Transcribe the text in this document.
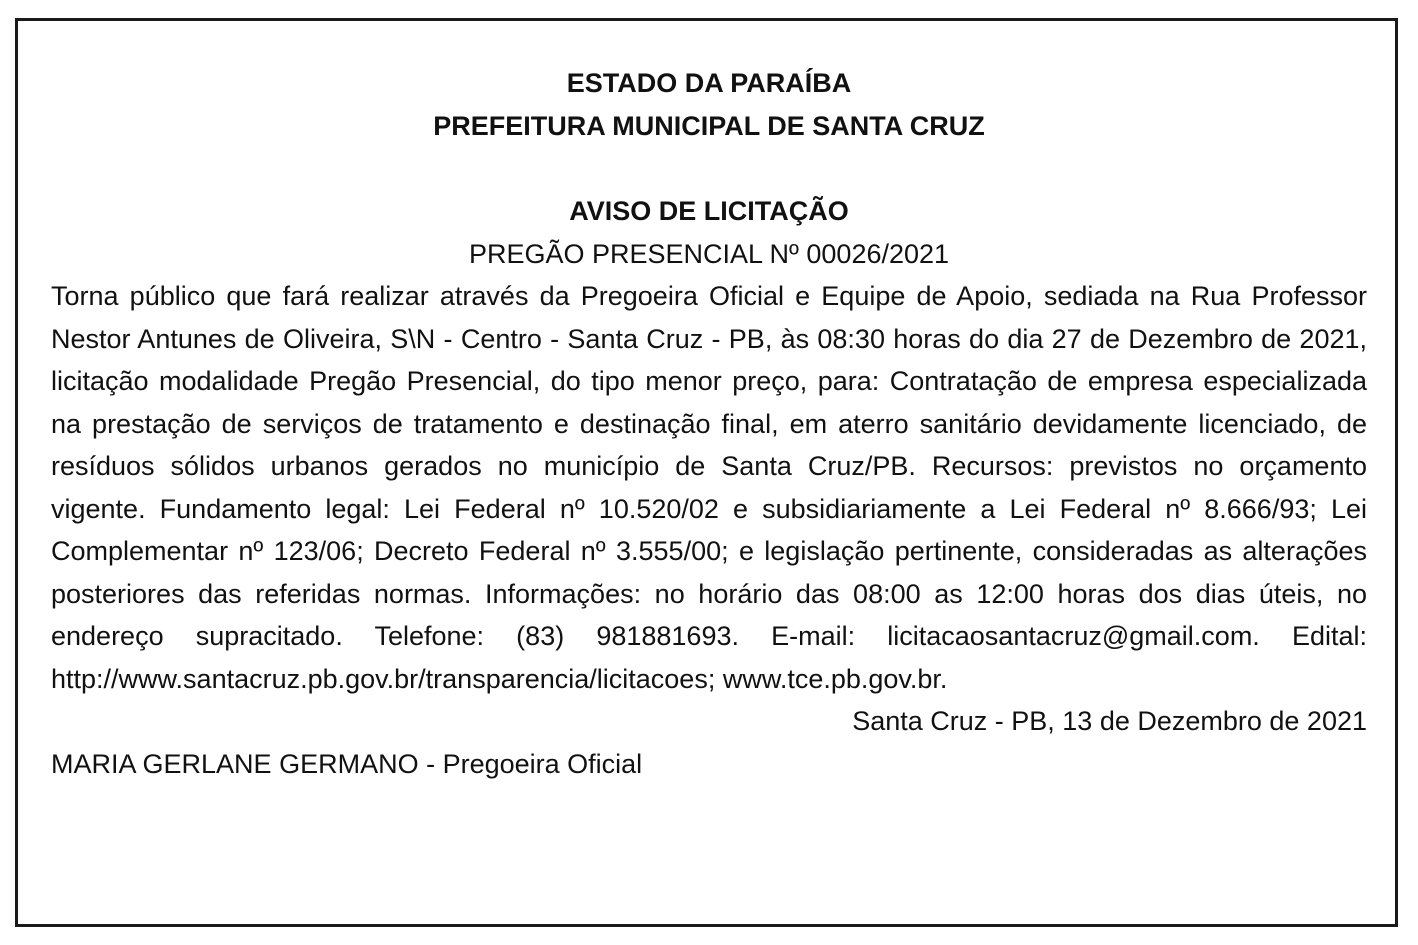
ESTADO DA PARAÍBA

PREFEITURA MUNICIPAL DE SANTA CRUZ

AVISO DE LICITAÇÃO

PREGÃO PRESENCIAL Nº 00026/2021

Torna público que fará realizar através da Pregoeira Oficial e Equipe de Apoio, sediada na Rua Professor Nestor Antunes de Oliveira, S\N - Centro - Santa Cruz - PB, às 08:30 horas do dia 27 de Dezembro de 2021, licitação modalidade Pregão Presencial, do tipo menor preço, para: Contratação de empresa especializada na prestação de serviços de tratamento e destinação final, em aterro sanitário devidamente licenciado, de resíduos sólidos urbanos gerados no município de Santa Cruz/PB. Recursos: previstos no orçamento vigente. Fundamento legal: Lei Federal nº 10.520/02 e subsidiariamente a Lei Federal nº 8.666/93; Lei Complementar nº 123/06; Decreto Federal nº 3.555/00; e legislação pertinente, consideradas as alterações posteriores das referidas normas. Informações: no horário das 08:00 as 12:00 horas dos dias úteis, no endereço supracitado. Telefone: (83) 981881693. E-mail: licitacaosantacruz@gmail.com. Edital: http://www.santacruz.pb.gov.br/transparencia/licitacoes; www.tce.pb.gov.br.

Santa Cruz - PB, 13 de Dezembro de 2021

MARIA GERLANE GERMANO - Pregoeira Oficial
